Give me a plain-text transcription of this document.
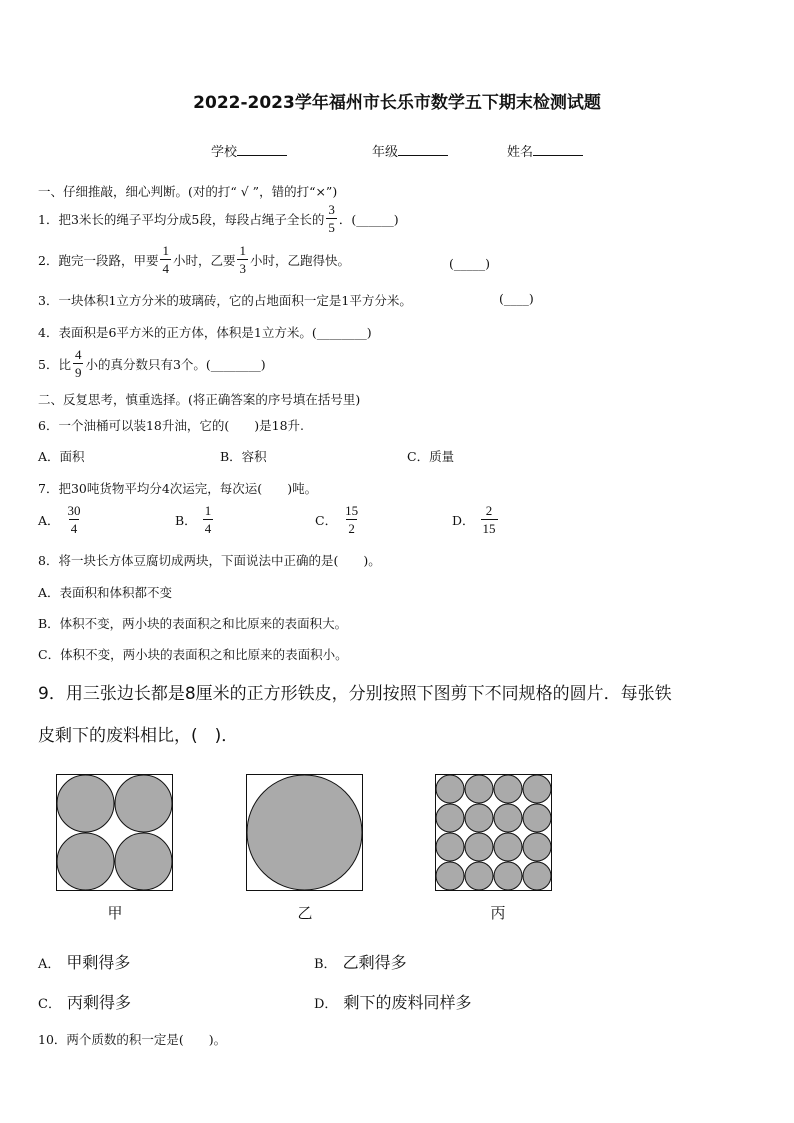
2022-2023学年福州市长乐市数学五下期末检测试题
学校	年级	姓名
一、仔细推敲，细心判断。(对的打“ √ ”，错的打“×”)
1．把3米长的绳子平均分成5段，每段占绳子全长的 $\frac{3}{5}$ ．(______)
2．跑完一段路，甲要 $\frac{1}{4}$ 小时，乙要 $\frac{1}{3}$ 小时，乙跑得快。	(_____)
3．一块体积1立方分米的玻璃砖，它的占地面积一定是1平方分米。	(____)
4．表面积是6平方米的正方体，体积是1立方米。(________)
5．比 $\frac{4}{9}$ 小的真分数只有3个。(________)
二、反复思考，慎重选择。(将正确答案的序号填在括号里)
6．一个油桶可以装18升油，它的(　　)是18升.
A．面积	B．容积	C．质量
7．把30吨货物平均分4次运完，每次运(　　)吨。
A． $\frac{30}{4}$	B． $\frac{1}{4}$	C． $\frac{15}{2}$	D． $\frac{2}{15}$
8．将一块长方体豆腐切成两块，下面说法中正确的是(　　)。
A．表面积和体积都不变
B．体积不变，两小块的表面积之和比原来的表面积大。
C．体积不变，两小块的表面积之和比原来的表面积小。
9．用三张边长都是8厘米的正方形铁皮，分别按照下图剪下不同规格的圆片．每张铁
皮剩下的废料相比，(　)．
甲	乙	丙
A． 甲剩得多	B． 乙剩得多
C． 丙剩得多	D． 剩下的废料同样多
10．两个质数的积一定是(　　)。
